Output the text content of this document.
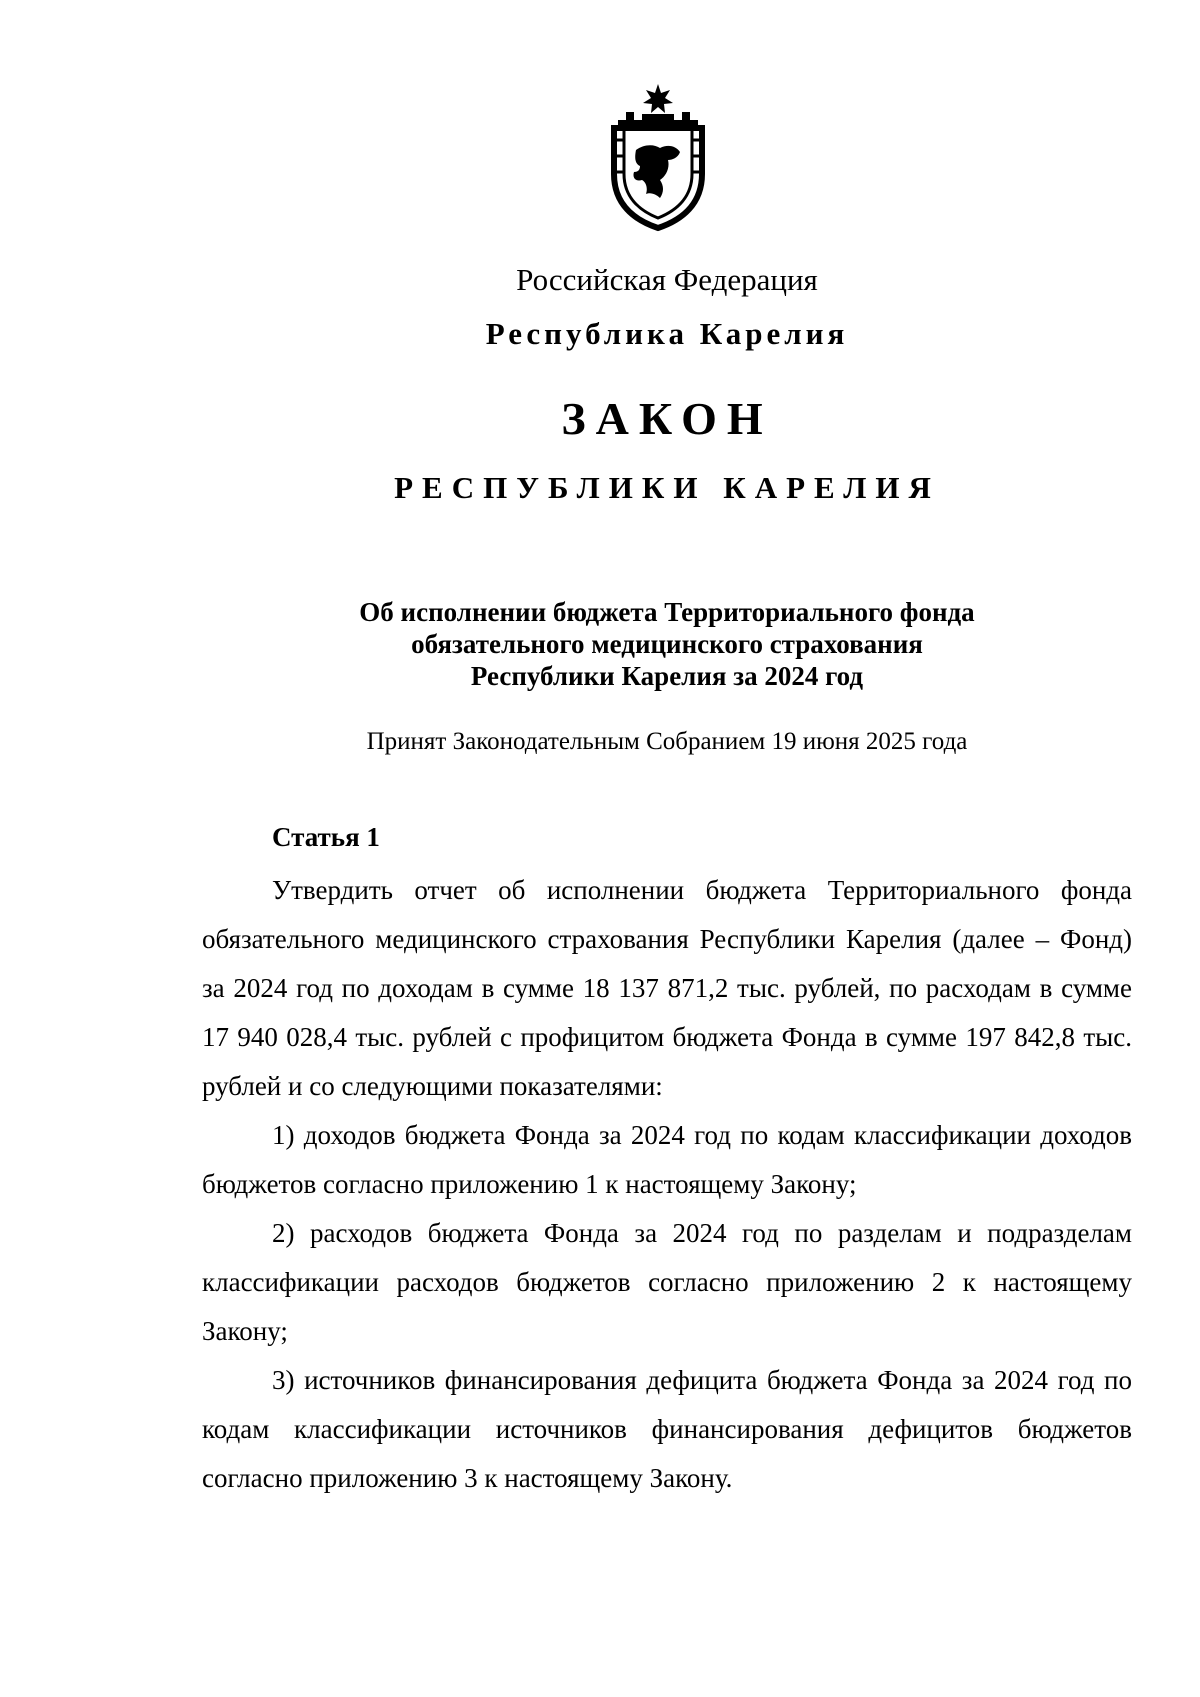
Российская Федерация
Республика Карелия
ЗАКОН
РЕСПУБЛИКИ КАРЕЛИЯ
Об исполнении бюджета Территориального фонда
обязательного медицинского страхования
Республики Карелия за 2024 год
Принят Законодательным Собранием 19 июня 2025 года
Статья 1

Утвердить отчет об исполнении бюджета Территориального фонда обязательного медицинского страхования Республики Карелия (далее – Фонд) за 2024 год по доходам в сумме 18 137 871,2 тыс. рублей, по расходам в сумме 17 940 028,4 тыс. рублей с профицитом бюджета Фонда в сумме 197 842,8 тыс. рублей и со следующими показателями:

1) доходов бюджета Фонда за 2024 год по кодам классификации доходов бюджетов согласно приложению 1 к настоящему Закону;

2) расходов бюджета Фонда за 2024 год по разделам и подразделам классификации расходов бюджетов согласно приложению 2 к настоящему Закону;

3) источников финансирования дефицита бюджета Фонда за 2024 год по кодам классификации источников финансирования дефицитов бюджетов согласно приложению 3 к настоящему Закону.
